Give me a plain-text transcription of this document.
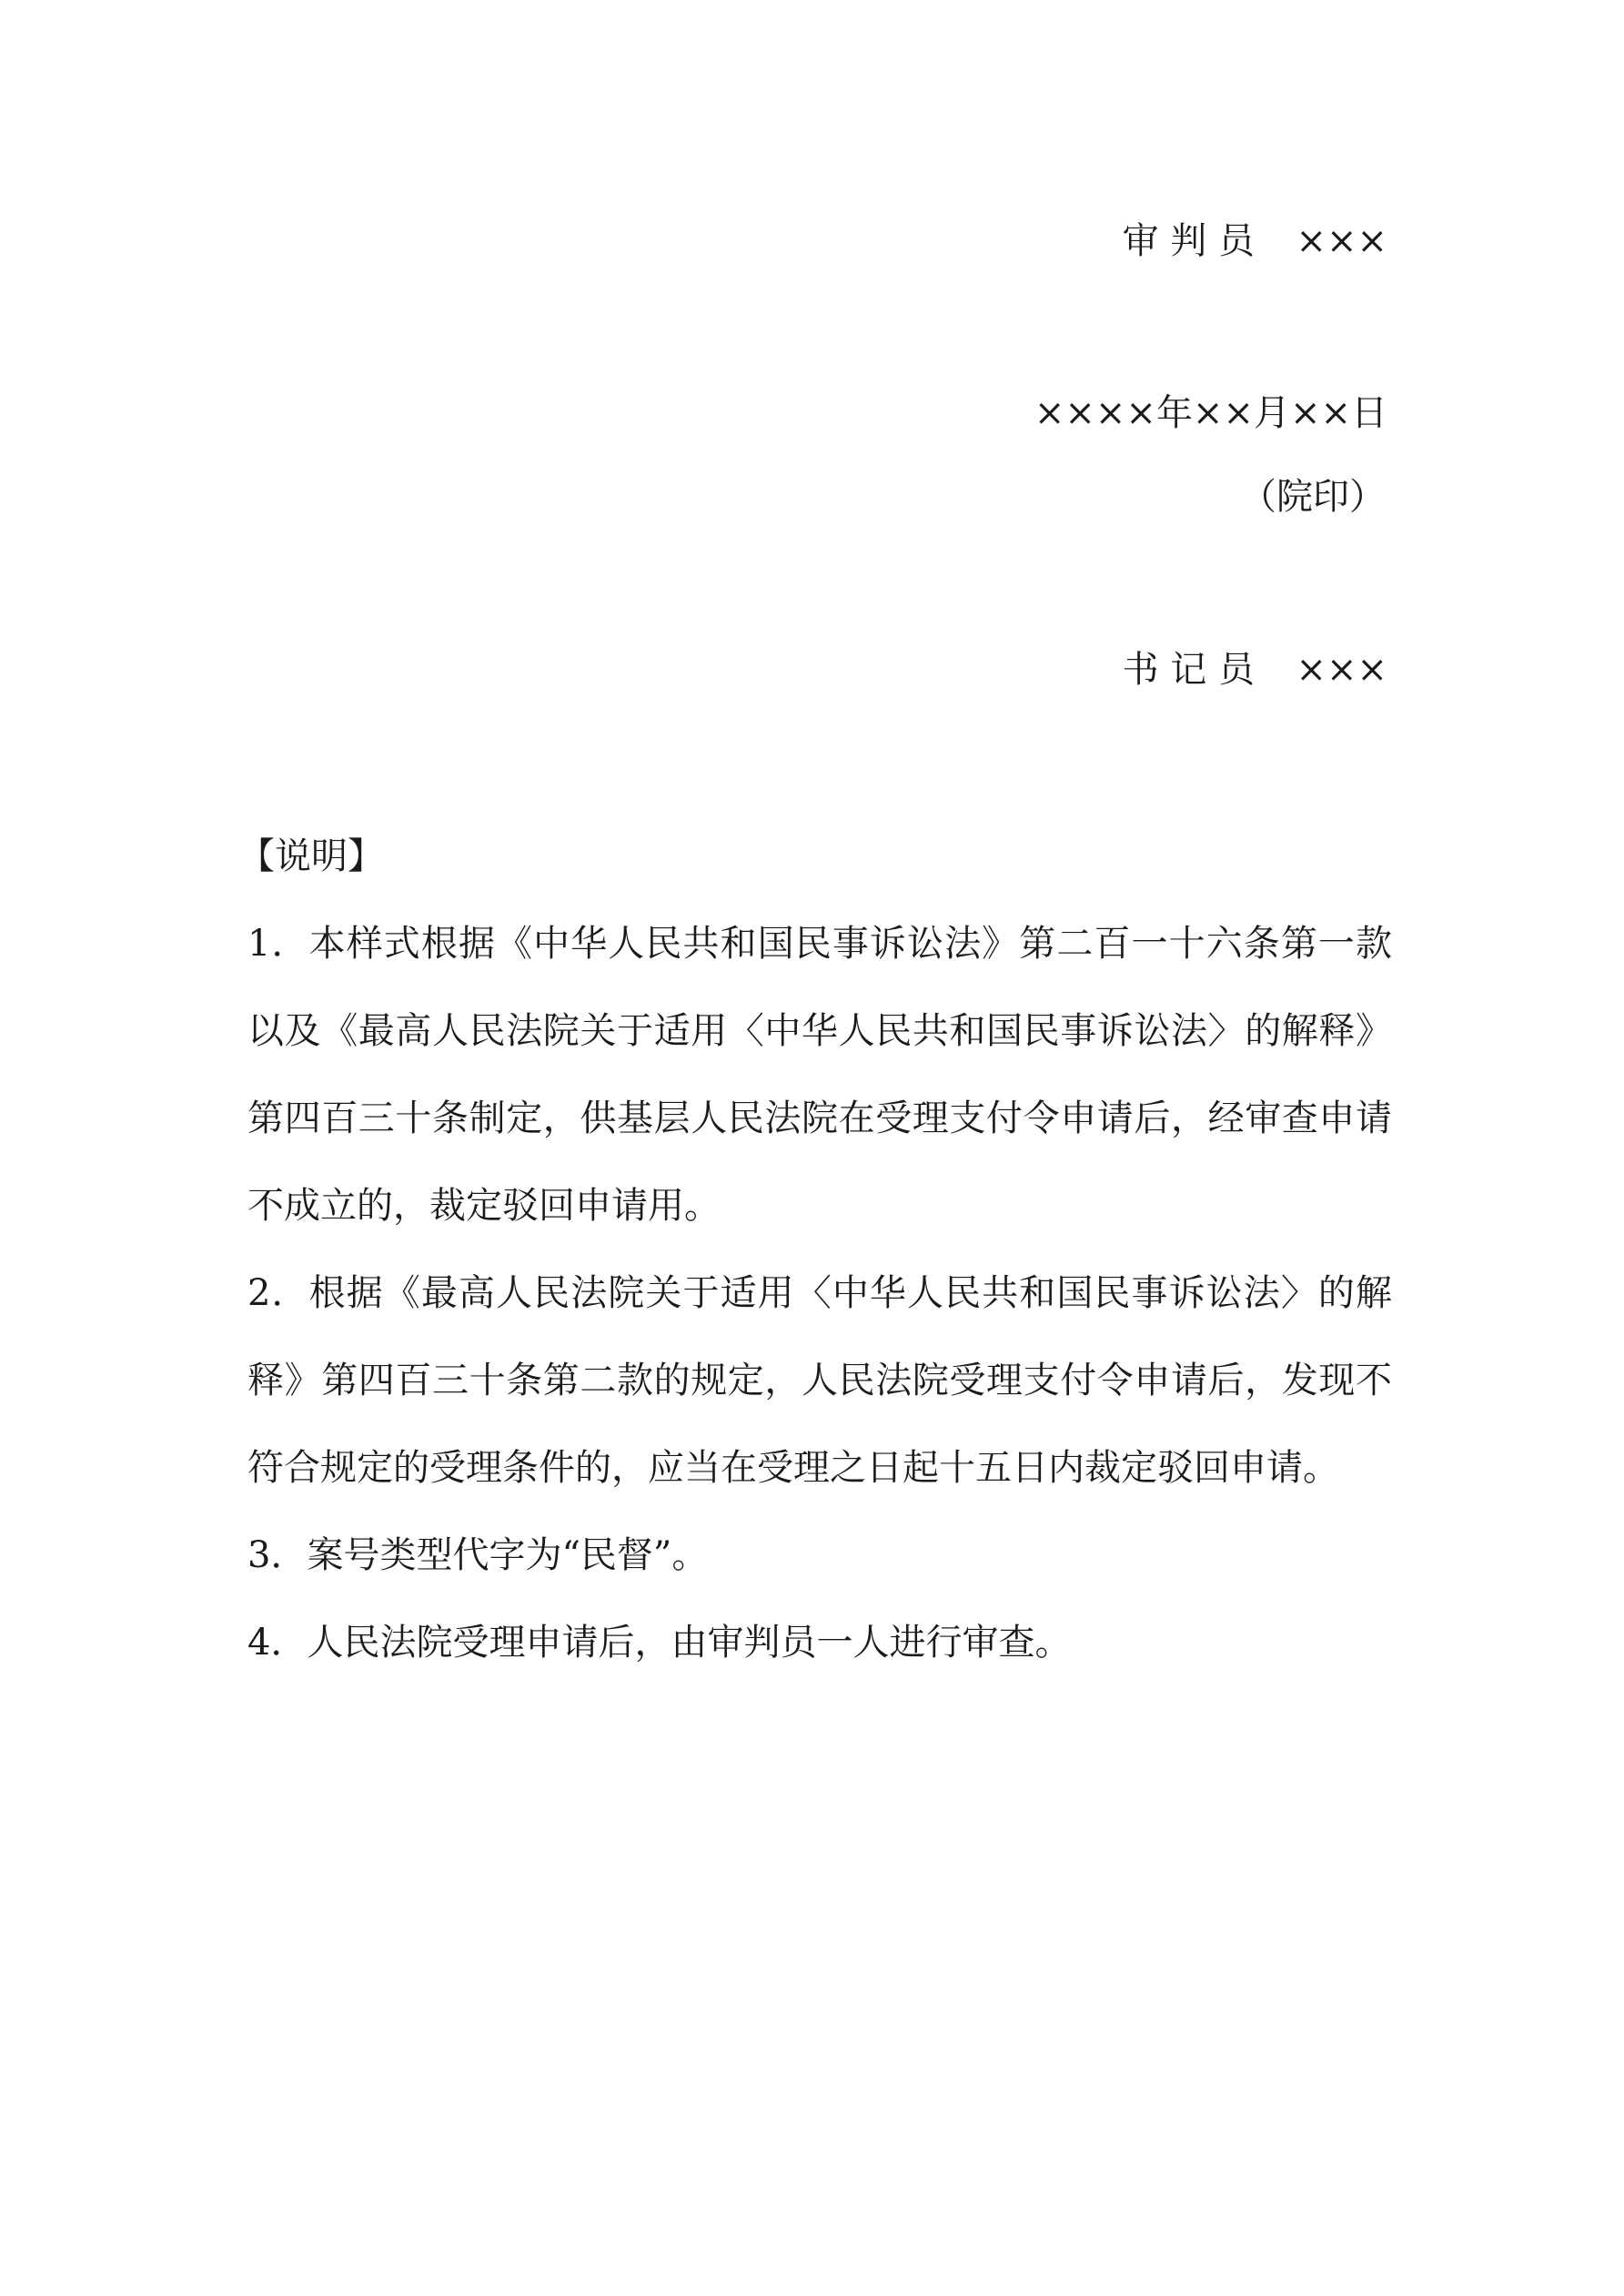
审 判 员   ×××
××××年××月××日
（院印）
书 记 员   ×××

【说明】

1．本样式根据《中华人民共和国民事诉讼法》第二百一十六条第一款以及《最高人民法院关于适用〈中华人民共和国民事诉讼法〉的解释》第四百三十条制定，供基层人民法院在受理支付令申请后，经审查申请不成立的，裁定驳回申请用。

2．根据《最高人民法院关于适用〈中华人民共和国民事诉讼法〉的解释》第四百三十条第二款的规定，人民法院受理支付令申请后，发现不符合规定的受理条件的，应当在受理之日起十五日内裁定驳回申请。

3．案号类型代字为“民督”。

4．人民法院受理申请后，由审判员一人进行审查。
